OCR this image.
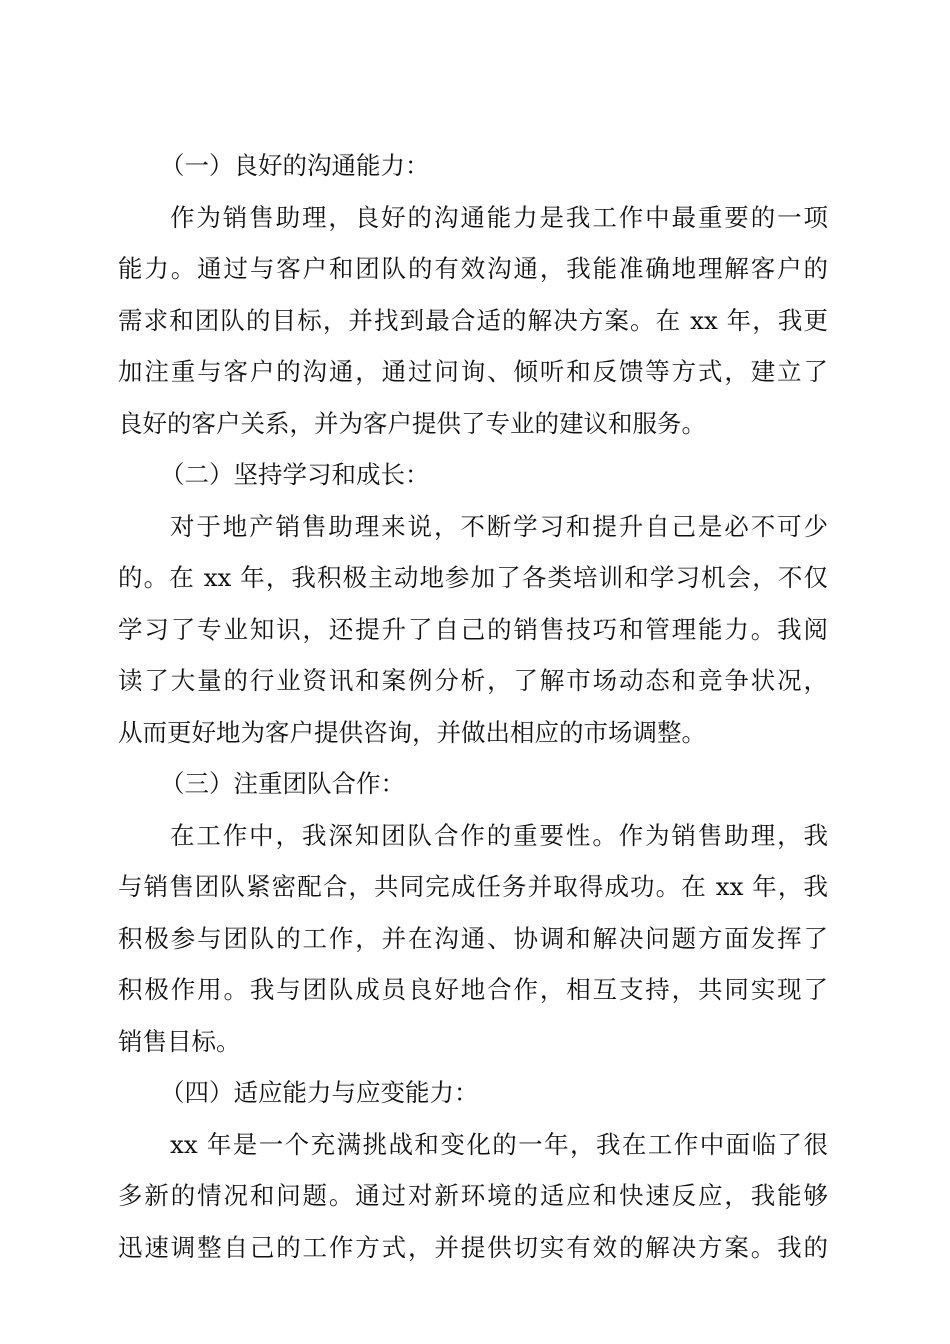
（一）良好的沟通能力：
作为销售助理，良好的沟通能力是我工作中最重要的一项
能力。通过与客户和团队的有效沟通，我能准确地理解客户的
需求和团队的目标，并找到最合适的解决方案。在 xx 年，我更
加注重与客户的沟通，通过问询、倾听和反馈等方式，建立了
良好的客户关系，并为客户提供了专业的建议和服务。
（二）坚持学习和成长：
对于地产销售助理来说，不断学习和提升自己是必不可少
的。在 xx 年，我积极主动地参加了各类培训和学习机会，不仅
学习了专业知识，还提升了自己的销售技巧和管理能力。我阅
读了大量的行业资讯和案例分析，了解市场动态和竞争状况，
从而更好地为客户提供咨询，并做出相应的市场调整。
（三）注重团队合作：
在工作中，我深知团队合作的重要性。作为销售助理，我
与销售团队紧密配合，共同完成任务并取得成功。在 xx 年，我
积极参与团队的工作，并在沟通、协调和解决问题方面发挥了
积极作用。我与团队成员良好地合作，相互支持，共同实现了
销售目标。
（四）适应能力与应变能力：
xx 年是一个充满挑战和变化的一年，我在工作中面临了很
多新的情况和问题。通过对新环境的适应和快速反应，我能够
迅速调整自己的工作方式，并提供切实有效的解决方案。我的
